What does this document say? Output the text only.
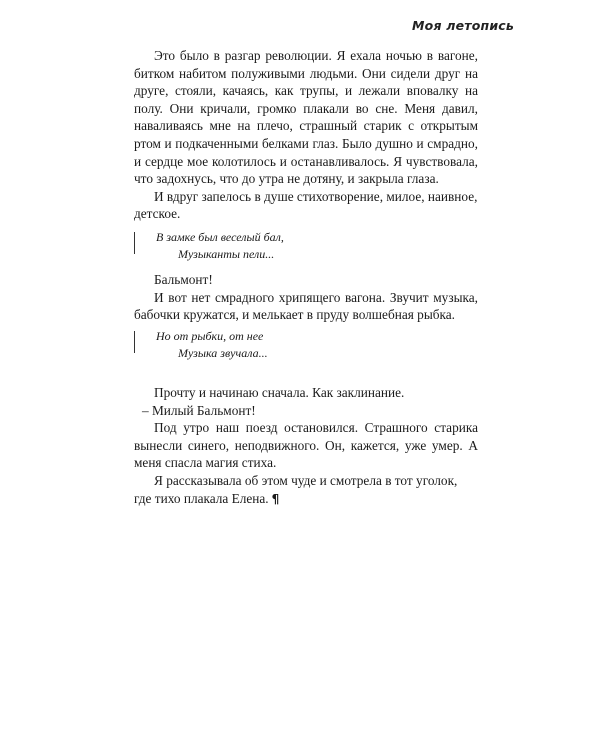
Моя летопись

Это было в разгар революции. Я ехала ночью в вагоне, битком набитом полуживыми людьми. Они сидели друг на друге, стояли, качаясь, как трупы, и лежали вповалку на полу. Они кричали, громко плакали во сне. Меня давил, наваливаясь мне на плечо, страшный старик с открытым ртом и подкаченными белками глаз. Было душно и смрадно, и сердце мое колотилось и останавливалось. Я чувствовала, что задохнусь, что до утра не дотяну, и закрыла глаза.

И вдруг запелось в душе стихотворение, милое, наивное, детское.

В замке был веселый бал,

Музыканты пели...

Бальмонт!

И вот нет смрадного хрипящего вагона. Звучит музыка, бабочки кружатся, и мелькает в пруду волшебная рыбка.

Но от рыбки, от нее

Музыка звучала...

Прочту и начинаю сначала. Как заклинание.

– Милый Бальмонт!

Под утро наш поезд остановился. Страшного старика вынесли синего, неподвижного. Он, кажется, уже умер. А меня спасла магия стиха.

Я рассказывала об этом чуде и смотрела в тот уголок, где тихо плакала Елена. ¶
